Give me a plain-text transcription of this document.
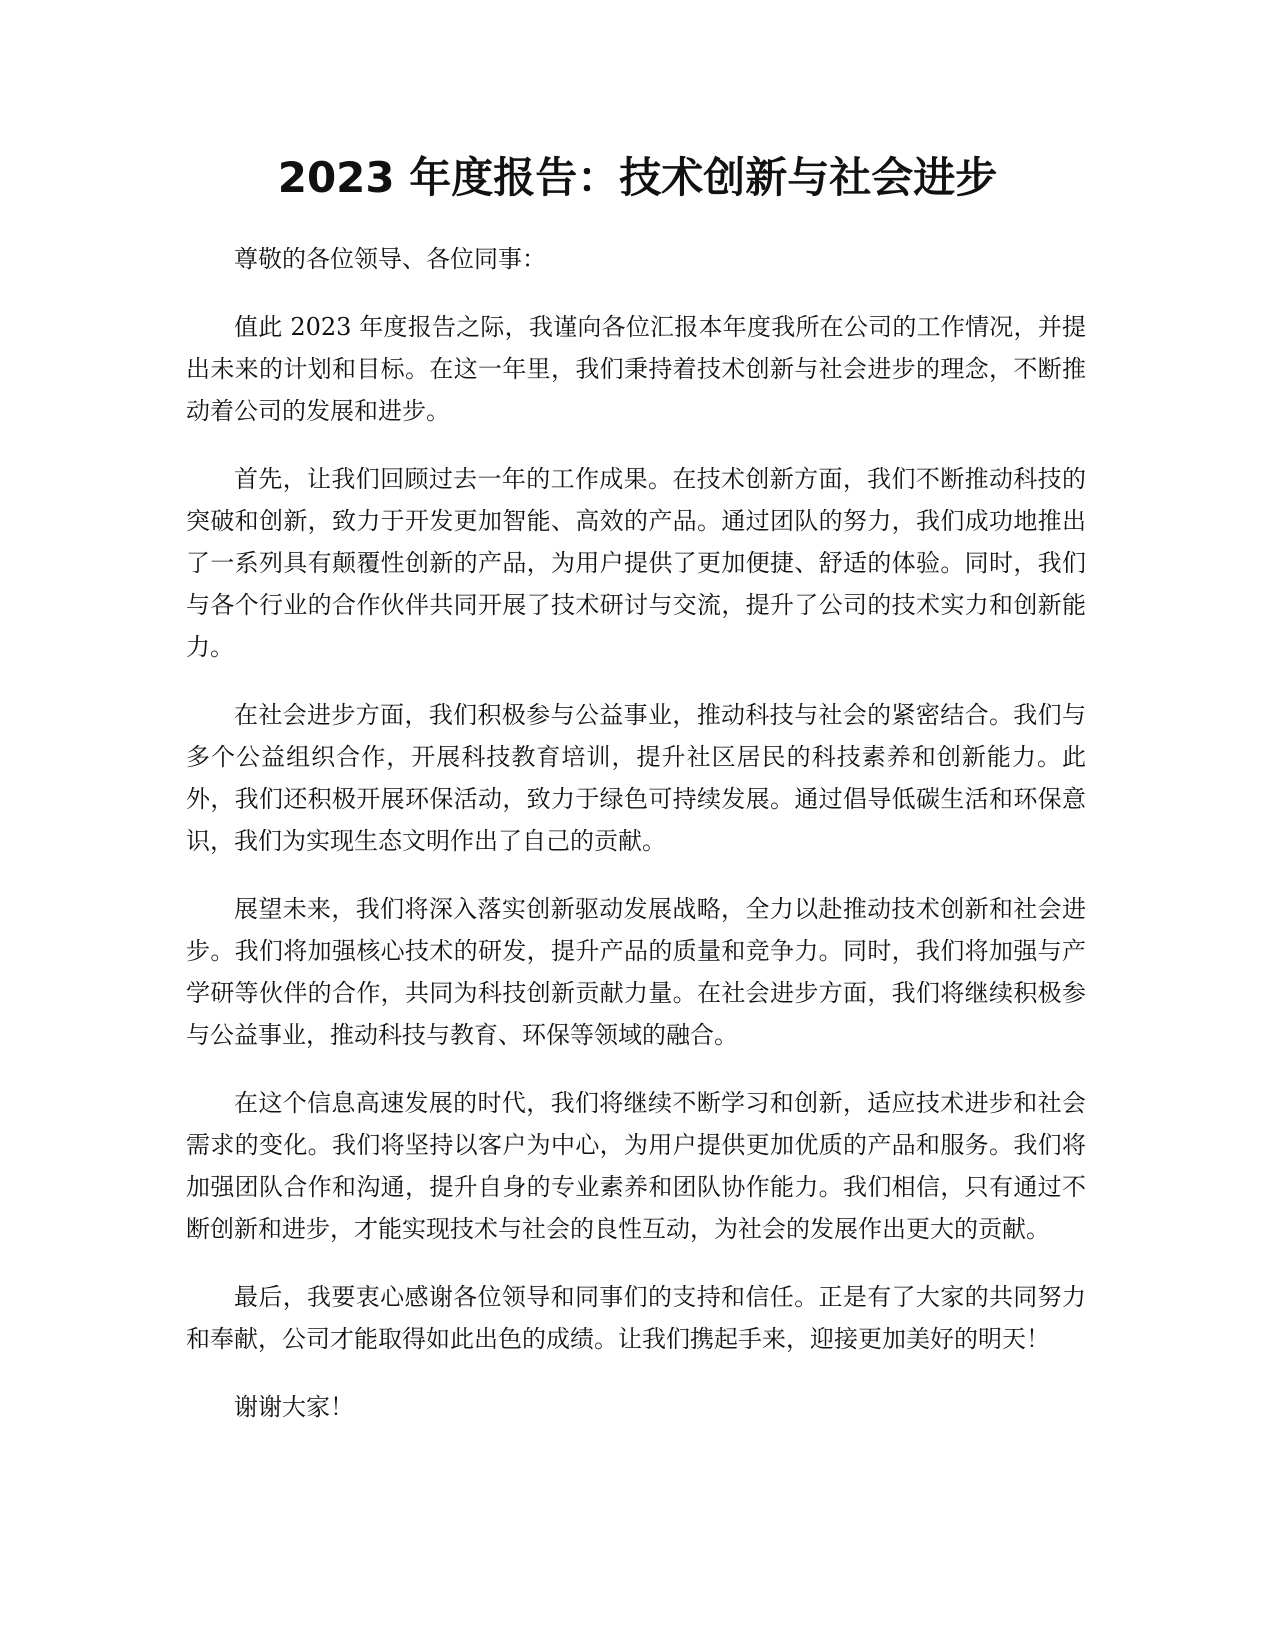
2023 年度报告：技术创新与社会进步

尊敬的各位领导、各位同事：

值此 2023 年度报告之际，我谨向各位汇报本年度我所在公司的工作情况，并提出未来的计划和目标。在这一年里，我们秉持着技术创新与社会进步的理念，不断推动着公司的发展和进步。

首先，让我们回顾过去一年的工作成果。在技术创新方面，我们不断推动科技的突破和创新，致力于开发更加智能、高效的产品。通过团队的努力，我们成功地推出了一系列具有颠覆性创新的产品，为用户提供了更加便捷、舒适的体验。同时，我们与各个行业的合作伙伴共同开展了技术研讨与交流，提升了公司的技术实力和创新能力。

在社会进步方面，我们积极参与公益事业，推动科技与社会的紧密结合。我们与多个公益组织合作，开展科技教育培训，提升社区居民的科技素养和创新能力。此外，我们还积极开展环保活动，致力于绿色可持续发展。通过倡导低碳生活和环保意识，我们为实现生态文明作出了自己的贡献。

展望未来，我们将深入落实创新驱动发展战略，全力以赴推动技术创新和社会进步。我们将加强核心技术的研发，提升产品的质量和竞争力。同时，我们将加强与产学研等伙伴的合作，共同为科技创新贡献力量。在社会进步方面，我们将继续积极参与公益事业，推动科技与教育、环保等领域的融合。

在这个信息高速发展的时代，我们将继续不断学习和创新，适应技术进步和社会需求的变化。我们将坚持以客户为中心，为用户提供更加优质的产品和服务。我们将加强团队合作和沟通，提升自身的专业素养和团队协作能力。我们相信，只有通过不断创新和进步，才能实现技术与社会的良性互动，为社会的发展作出更大的贡献。

最后，我要衷心感谢各位领导和同事们的支持和信任。正是有了大家的共同努力和奉献，公司才能取得如此出色的成绩。让我们携起手来，迎接更加美好的明天！

谢谢大家！
